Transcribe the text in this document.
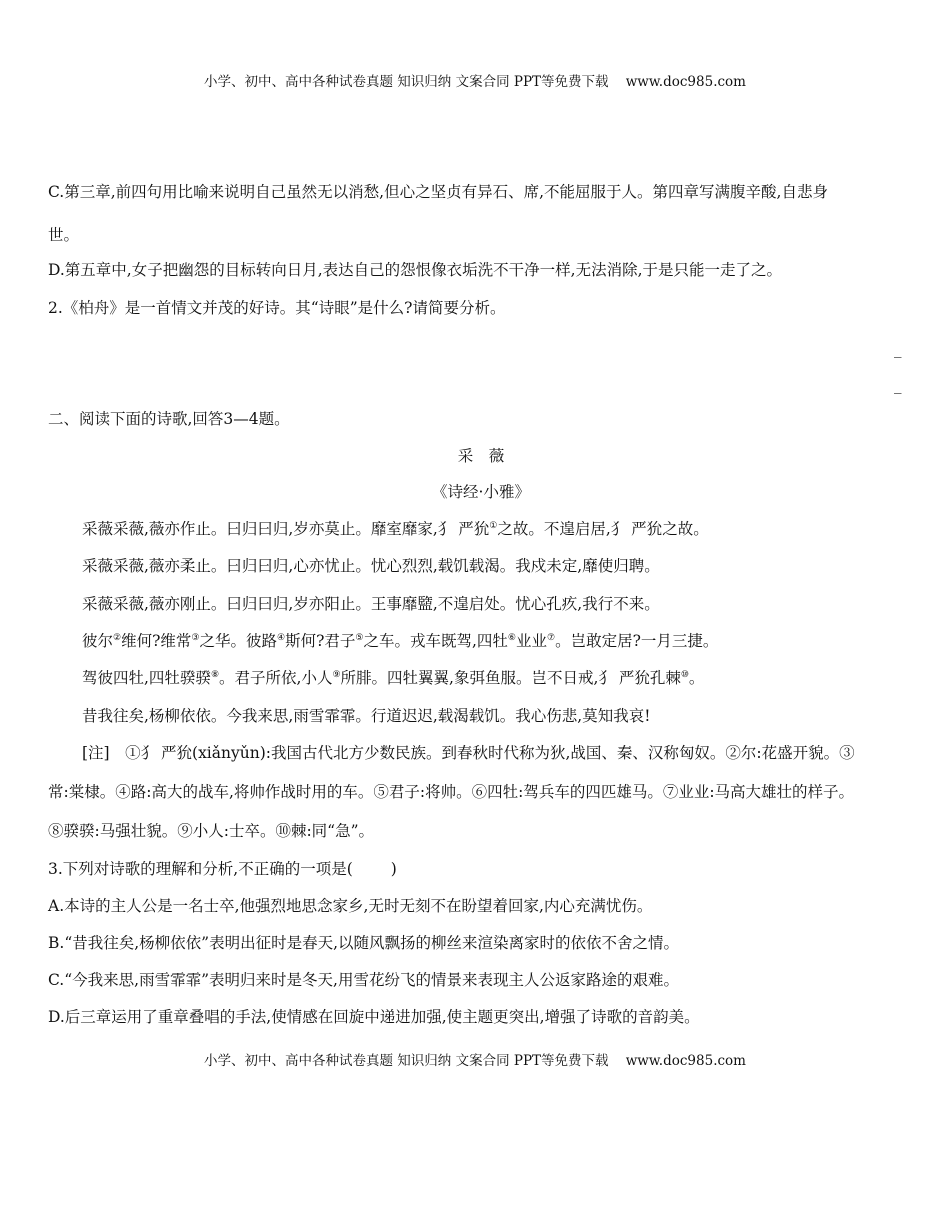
小学、初中、高中各种试卷真题 知识归纳 文案合同 PPT等免费下载 www.doc985.com
C.第三章,前四句用比喻来说明自己虽然无以消愁,但心之坚贞有异石、席,不能屈服于人。第四章写满腹辛酸,自悲身
世。
D.第五章中,女子把幽怨的目标转向日月,表达自己的怨恨像衣垢洗不干净一样,无法消除,于是只能一走了之。
2.《柏舟》是一首情文并茂的好诗。其“诗眼”是什么?请简要分析。
_
_
二、阅读下面的诗歌,回答3—4题。
采　薇
《诗经·小雅》
采薇采薇,薇亦作止。曰归曰归,岁亦莫止。靡室靡家,犭 严狁①之故。不遑启居,犭 严狁之故。
采薇采薇,薇亦柔止。曰归曰归,心亦忧止。忧心烈烈,载饥载渴。我戍未定,靡使归聘。
采薇采薇,薇亦刚止。曰归曰归,岁亦阳止。王事靡盬,不遑启处。忧心孔疚,我行不来。
彼尔②维何?维常③之华。彼路④斯何?君子⑤之车。戎车既驾,四牡⑥业业⑦。岂敢定居?一月三捷。
驾彼四牡,四牡骙骙⑧。君子所依,小人⑨所腓。四牡翼翼,象弭鱼服。岂不日戒,犭 严狁孔棘⑩。
昔我往矣,杨柳依依。今我来思,雨雪霏霏。行道迟迟,载渴载饥。我心伤悲,莫知我哀!
[注]　①犭 严狁(xiǎnyǔn):我国古代北方少数民族。到春秋时代称为狄,战国、秦、汉称匈奴。②尔:花盛开貌。③
常:棠棣。④路:高大的战车,将帅作战时用的车。⑤君子:将帅。⑥四牡:驾兵车的四匹雄马。⑦业业:马高大雄壮的样子。
⑧骙骙:马强壮貌。⑨小人:士卒。⑩棘:同“急”。
3.下列对诗歌的理解和分析,不正确的一项是( )
A.本诗的主人公是一名士卒,他强烈地思念家乡,无时无刻不在盼望着回家,内心充满忧伤。
B.“昔我往矣,杨柳依依”表明出征时是春天,以随风飘扬的柳丝来渲染离家时的依依不舍之情。
C.“今我来思,雨雪霏霏”表明归来时是冬天,用雪花纷飞的情景来表现主人公返家路途的艰难。
D.后三章运用了重章叠唱的手法,使情感在回旋中递进加强,使主题更突出,增强了诗歌的音韵美。
小学、初中、高中各种试卷真题 知识归纳 文案合同 PPT等免费下载 www.doc985.com
